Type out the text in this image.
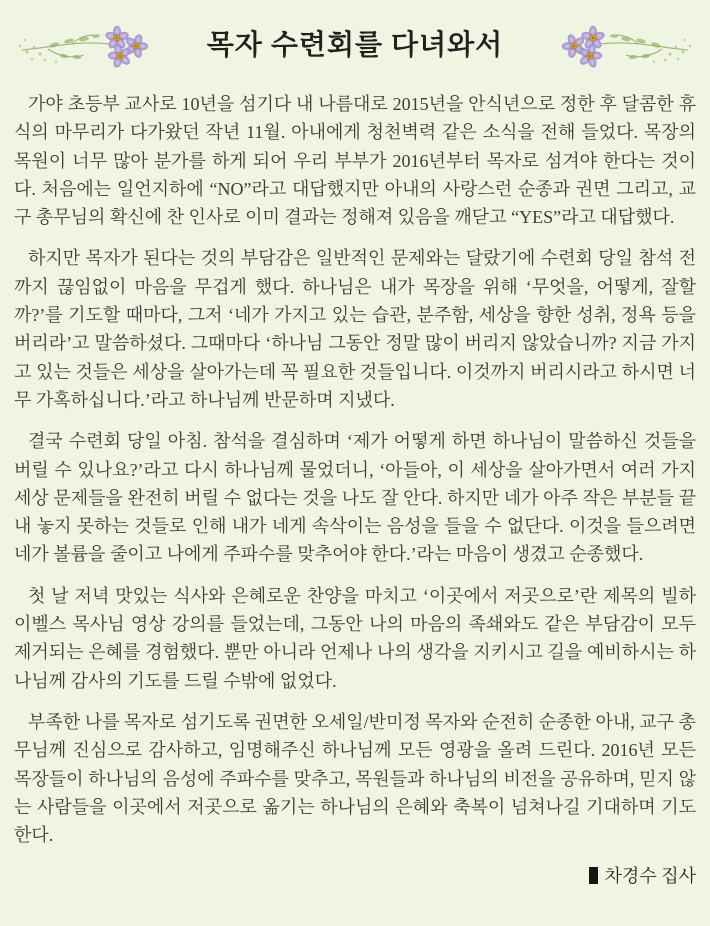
목자 수련회를 다녀와서

가야 초등부 교사로 10년을 섬기다 내 나름대로 2015년을 안식년으로 정한 후 달콤한 휴식의 마무리가 다가왔던 작년 11월. 아내에게 청천벽력 같은 소식을 전해 들었다. 목장의 목원이 너무 많아 분가를 하게 되어 우리 부부가 2016년부터 목자로 섬겨야 한다는 것이다. 처음에는 일언지하에 “NO”라고 대답했지만 아내의 사랑스런 순종과 권면 그리고, 교구 총무님의 확신에 찬 인사로 이미 결과는 정해져 있음을 깨닫고 “YES”라고 대답했다.

하지만 목자가 된다는 것의 부담감은 일반적인 문제와는 달랐기에 수련회 당일 참석 전까지 끊임없이 마음을 무겁게 했다. 하나님은 내가 목장을 위해 ‘무엇을, 어떻게, 잘할까?’를 기도할 때마다, 그저 ‘네가 가지고 있는 습관, 분주함, 세상을 향한 성취, 정욕 등을 버리라’고 말씀하셨다. 그때마다 ‘하나님 그동안 정말 많이 버리지 않았습니까? 지금 가지고 있는 것들은 세상을 살아가는데 꼭 필요한 것들입니다. 이것까지 버리시라고 하시면 너무 가혹하십니다.’라고 하나님께 반문하며 지냈다.

결국 수련회 당일 아침. 참석을 결심하며 ‘제가 어떻게 하면 하나님이 말씀하신 것들을 버릴 수 있나요?’라고 다시 하나님께 물었더니, ‘아들아, 이 세상을 살아가면서 여러 가지 세상 문제들을 완전히 버릴 수 없다는 것을 나도 잘 안다. 하지만 네가 아주 작은 부분들 끝내 놓지 못하는 것들로 인해 내가 네게 속삭이는 음성을 들을 수 없단다. 이것을 들으려면 네가 볼륨을 줄이고 나에게 주파수를 맞추어야 한다.’라는 마음이 생겼고 순종했다.

첫 날 저녁 맛있는 식사와 은혜로운 찬양을 마치고 ‘이곳에서 저곳으로’란 제목의 빌하이벨스 목사님 영상 강의를 들었는데, 그동안 나의 마음의 족쇄와도 같은 부담감이 모두 제거되는 은혜를 경험했다. 뿐만 아니라 언제나 나의 생각을 지키시고 길을 예비하시는 하나님께 감사의 기도를 드릴 수밖에 없었다.

부족한 나를 목자로 섬기도록 권면한 오세일/반미정 목자와 순전히 순종한 아내, 교구 총무님께 진심으로 감사하고, 임명해주신 하나님께 모든 영광을 올려 드린다. 2016년 모든 목장들이 하나님의 음성에 주파수를 맞추고, 목원들과 하나님의 비전을 공유하며, 믿지 않는 사람들을 이곳에서 저곳으로 옮기는 하나님의 은혜와 축복이 넘쳐나길 기대하며 기도한다.

차경수 집사
